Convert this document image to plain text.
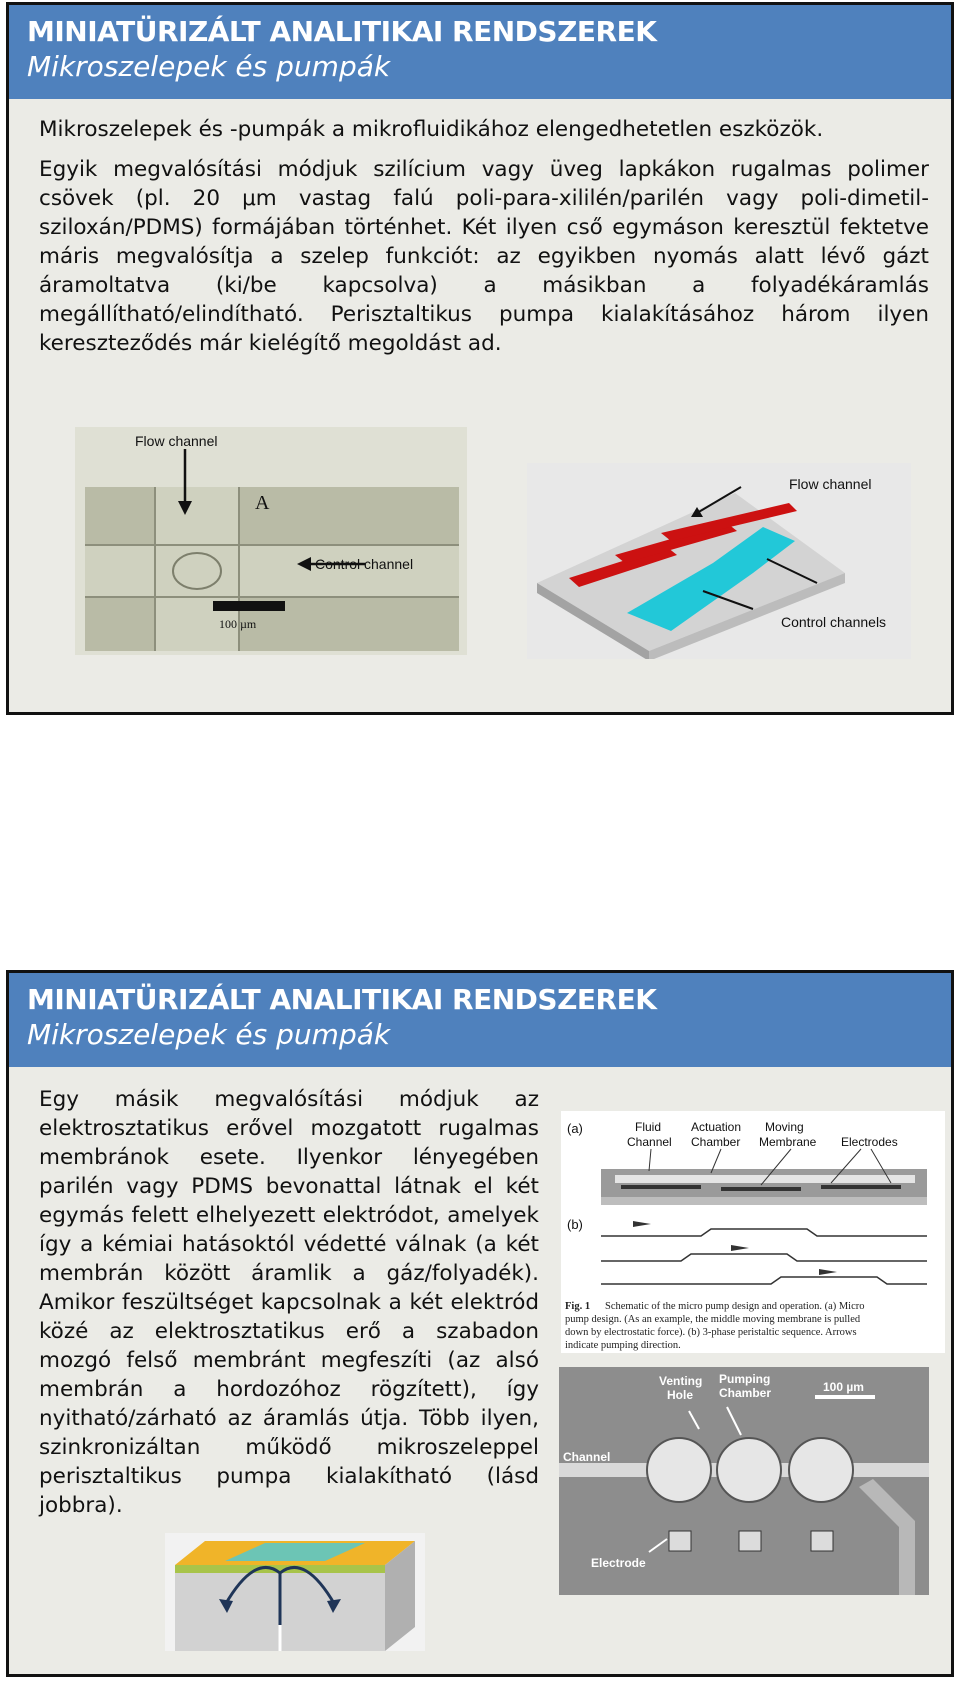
MINIATÜRIZÁLT ANALITIKAI RENDSZEREK
Mikroszelepek és pumpák
Mikroszelepek és -pumpák a mikrofluidikához elengedhetetlen eszközök.
Egyik megvalósítási módjuk szilícium vagy üveg lapkákon rugalmas polimer csövek (pl. 20 μm vastag falú poli-para-xililén/parilén vagy poli-dimetil-sziloxán/PDMS) formájában történhet. Két ilyen cső egymáson keresztül fektetve máris megvalósítja a szelep funkciót: az egyikben nyomás alatt lévő gázt áramoltatva (ki/be kapcsolva) a másikban a folyadékáramlás megállítható/elindítható. Perisztaltikus pumpa kialakításához három ilyen kereszteződés már kielégítő megoldást ad.
Flow channel
A
Control channel
100 µm
Flow channel
Control channels
MINIATÜRIZÁLT ANALITIKAI RENDSZEREK
Mikroszelepek és pumpák
Egy másik megvalósítási módjuk az elektrosztatikus erővel mozgatott rugalmas membránok esete. Ilyenkor lényegében parilén vagy PDMS bevonattal látnak el két egymás felett elhelyezett elektródot, amelyek így a kémiai hatásoktól védetté válnak (a két membrán között áramlik a gáz/folyadék). Amikor feszültséget kapcsolnak a két elektród közé az elektrosztatikus erő a szabadon mozgó felső membránt megfeszíti (az alsó membrán a hordozóhoz rögzített), így nyitható/zárható az áramlás útja. Több ilyen, szinkronizáltan működő mikroszeleppel perisztaltikus pumpa kialakítható (lásd jobbra).
(a)	Fluid
Channel
Actuation
Chamber
Moving
Membrane Electrodes
(b)
Fig. 1 Schematic of the micro pump design and operation. (a) Micro
pump design. (As an example, the middle moving membrane is pulled
down by electrostatic force). (b) 3-phase peristaltic sequence. Arrows
indicate pumping direction.
Venting
Hole
Pumping
Chamber	100 µm
Channel
Electrode
